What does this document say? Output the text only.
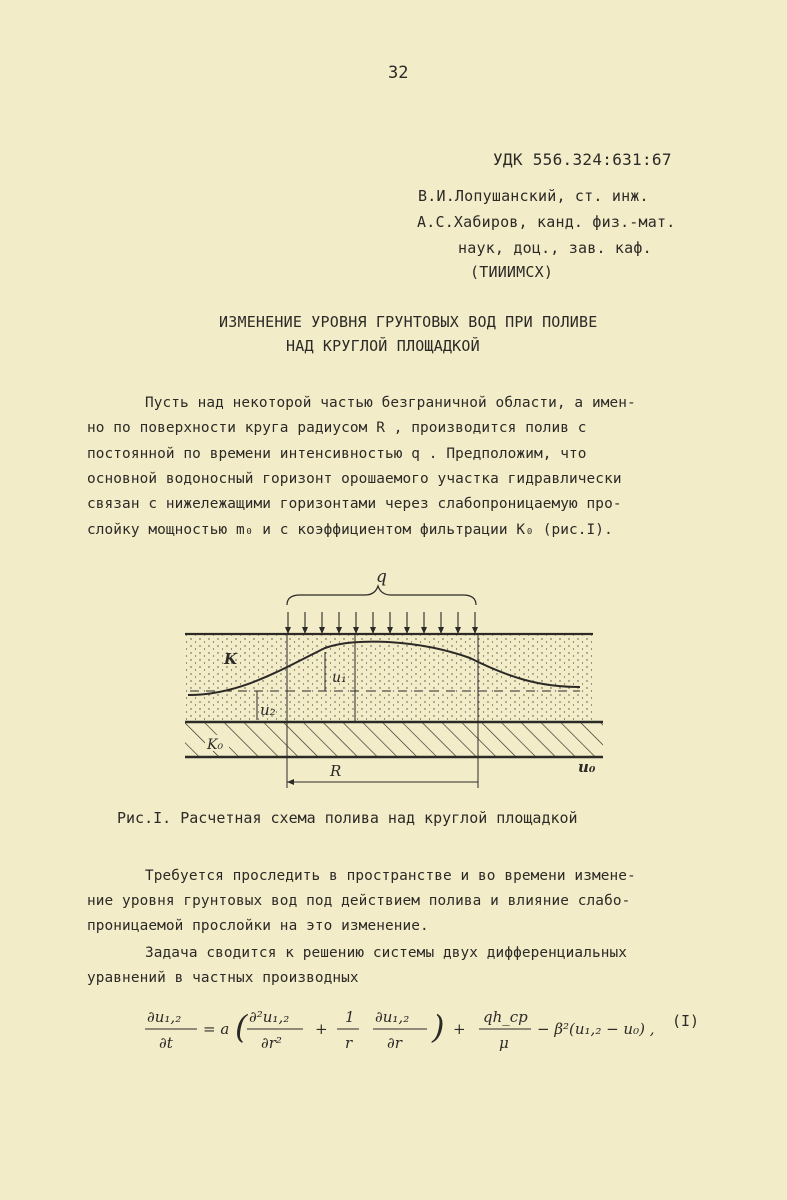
32
УДК 556.324:631:67
В.И.Лопушанский, ст. инж.
А.С.Хабиров, канд. физ.-мат.
наук, доц., зав. каф.
(ТИИИМСХ)
ИЗМЕНЕНИЕ УРОВНЯ ГРУНТОВЫХ ВОД ПРИ ПОЛИВЕ
НАД КРУГЛОЙ ПЛОЩАДКОЙ
Пусть над некоторой частью безграничной области, а имен-
но по поверхности круга радиусом R , производится полив с
постоянной по времени интенсивностью q . Предположим, что
основной водоносный горизонт орошаемого участка гидравлически
связан с нижележащими горизонтами через слабопроницаемую про-
слойку мощностью m₀ и с коэффициентом фильтрации K₀ (рис.I).
q
K
u₁
u₂
K₀
R	u₀
Рис.I. Расчетная схема полива над круглой площадкой
Требуется проследить в пространстве и во времени измене-
ние уровня грунтовых вод под действием полива и влияние слабо-
проницаемой прослойки на это изменение.
Задача сводится к решению системы двух дифференциальных
уравнений в частных производных
∂u₁,₂
∂t
= a ( ∂²u₁,₂
∂r²
+
1
r
∂u₁,₂
∂r ) +
qh_cp
μ
− β²(u₁,₂ − u₀) , (I)
